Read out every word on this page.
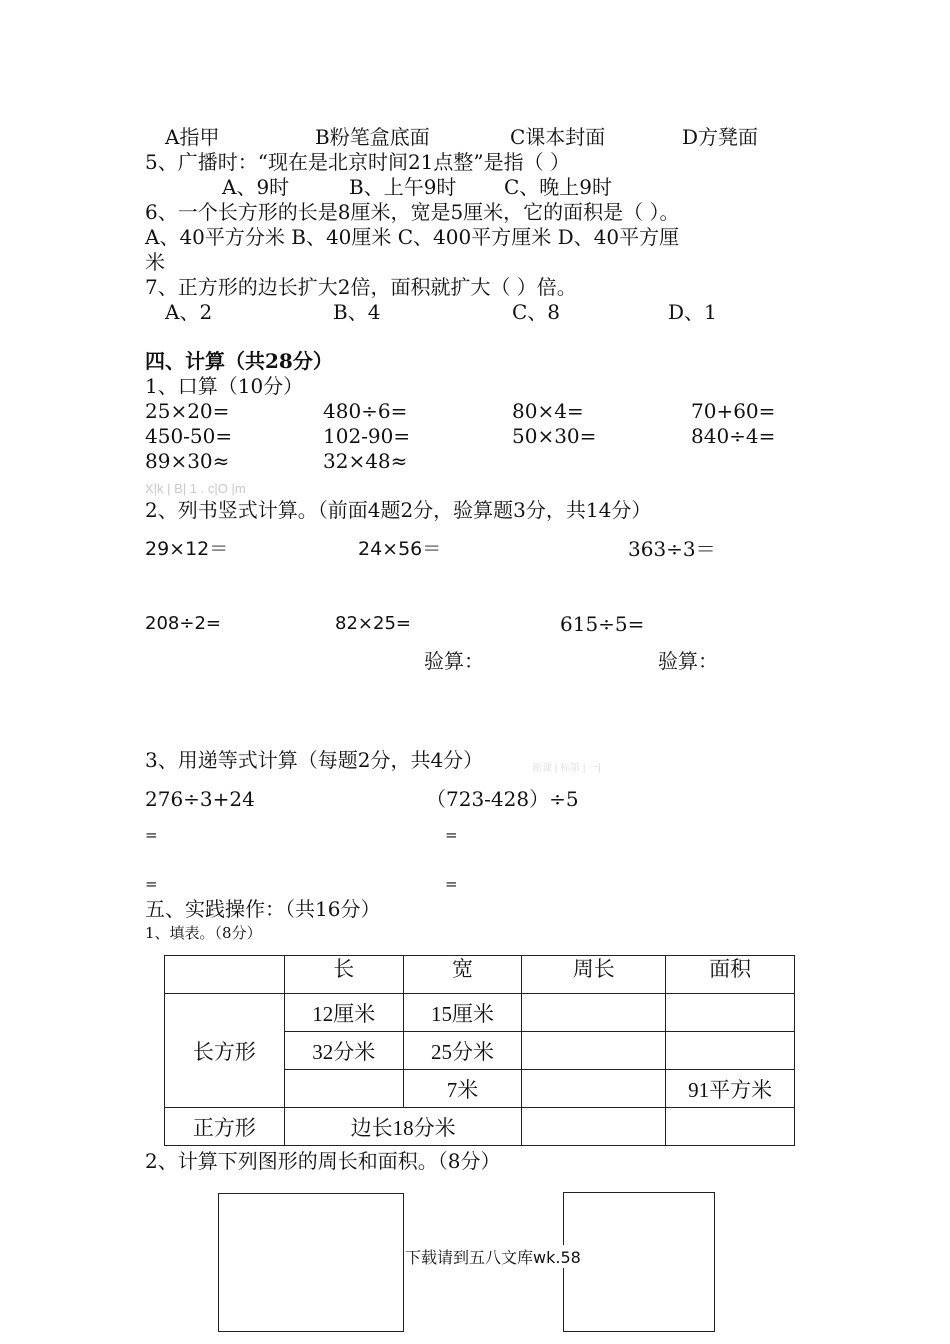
A指甲	B粉笔盒底面	C课本封面	D方凳面
5、广播时：“现在是北京时间21点整”是指（ ）
A、9时	B、上午9时 C、晚上9时
6、一个长方形的长是8厘米，宽是5厘米，它的面积是（ ）。
A、40平方分米 B、40厘米 C、400平方厘米 D、40平方厘
米
7、正方形的边长扩大2倍，面积就扩大（ ）倍。
A、2	B、4	C、8	D、1
四、计算（共28分）
1、口算（10分）
25×20=	480÷6=	80×4=	70+60=
450-50=	102-90=	50×30=	840÷4=
89×30≈	32×48≈
X|k | B| 1 . c|O |m
2、列书竖式计算。（前面4题2分，验算题3分，共14分）
29×12＝	24×56＝	363÷3＝
208÷2=	82×25=	615÷5=
验算：	验算：
3、用递等式计算（每题2分，共4分）	新课 | 标第 | 一|
276÷3+24	（723-428）÷5
=	=
=	=
五、实践操作：（共16分）
1、填表。（8分）
	长	宽	周长	面积
长方形	12厘米	15厘米		
	32分米	25分米		
		7米		91平方米
正方形	边长18分米			
2、计算下列图形的周长和面积。（8分）
下载请到五八文库wk.58
